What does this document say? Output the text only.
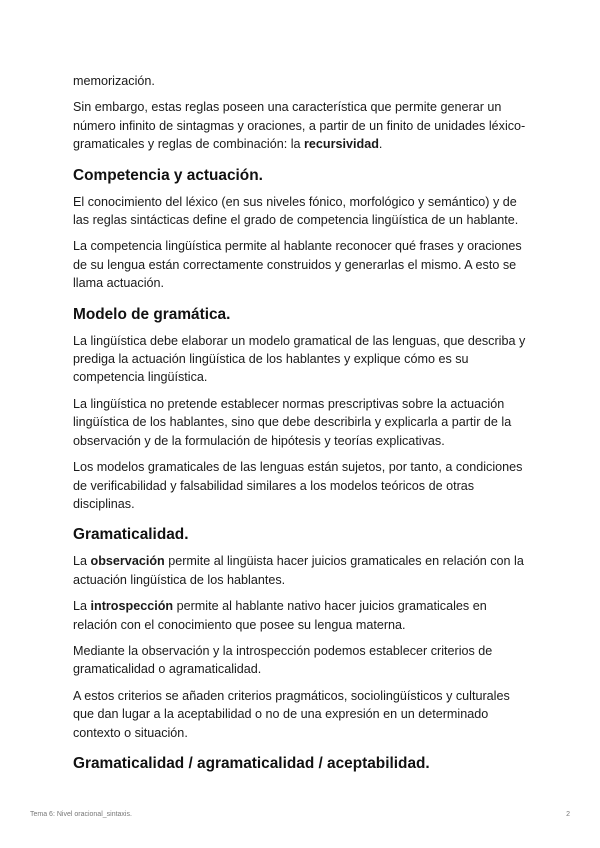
memorización.

Sin embargo, estas reglas poseen una característica que permite generar un número infinito de sintagmas y oraciones, a partir de un finito de unidades léxico-gramaticales y reglas de combinación: la recursividad.

Competencia y actuación.

El conocimiento del léxico (en sus niveles fónico, morfológico y semántico) y de las reglas sintácticas define el grado de competencia lingüística de un hablante.

La competencia lingüística permite al hablante reconocer qué frases y oraciones de su lengua están correctamente construidos y generarlas el mismo. A esto se llama actuación.

Modelo de gramática.

La lingüística debe elaborar un modelo gramatical de las lenguas, que describa y prediga la actuación lingüística de los hablantes y explique cómo es su competencia lingüística.

La lingüística no pretende establecer normas prescriptivas sobre la actuación lingüística de los hablantes, sino que debe describirla y explicarla a partir de la observación y de la formulación de hipótesis y teorías explicativas.

Los modelos gramaticales de las lenguas están sujetos, por tanto, a condiciones de verificabilidad y falsabilidad similares a los modelos teóricos de otras disciplinas.

Gramaticalidad.

La observación permite al lingüista hacer juicios gramaticales en relación con la actuación lingüística de los hablantes.

La introspección permite al hablante nativo hacer juicios gramaticales en relación con el conocimiento que posee su lengua materna.

Mediante la observación y la introspección podemos establecer criterios de gramaticalidad o agramaticalidad.

A estos criterios se añaden criterios pragmáticos, sociolingüísticos y culturales que dan lugar a la aceptabilidad o no de una expresión en un determinado contexto o situación.

Gramaticalidad / agramaticalidad / aceptabilidad.
Tema 6: Nivel oracional_sintaxis.	2
